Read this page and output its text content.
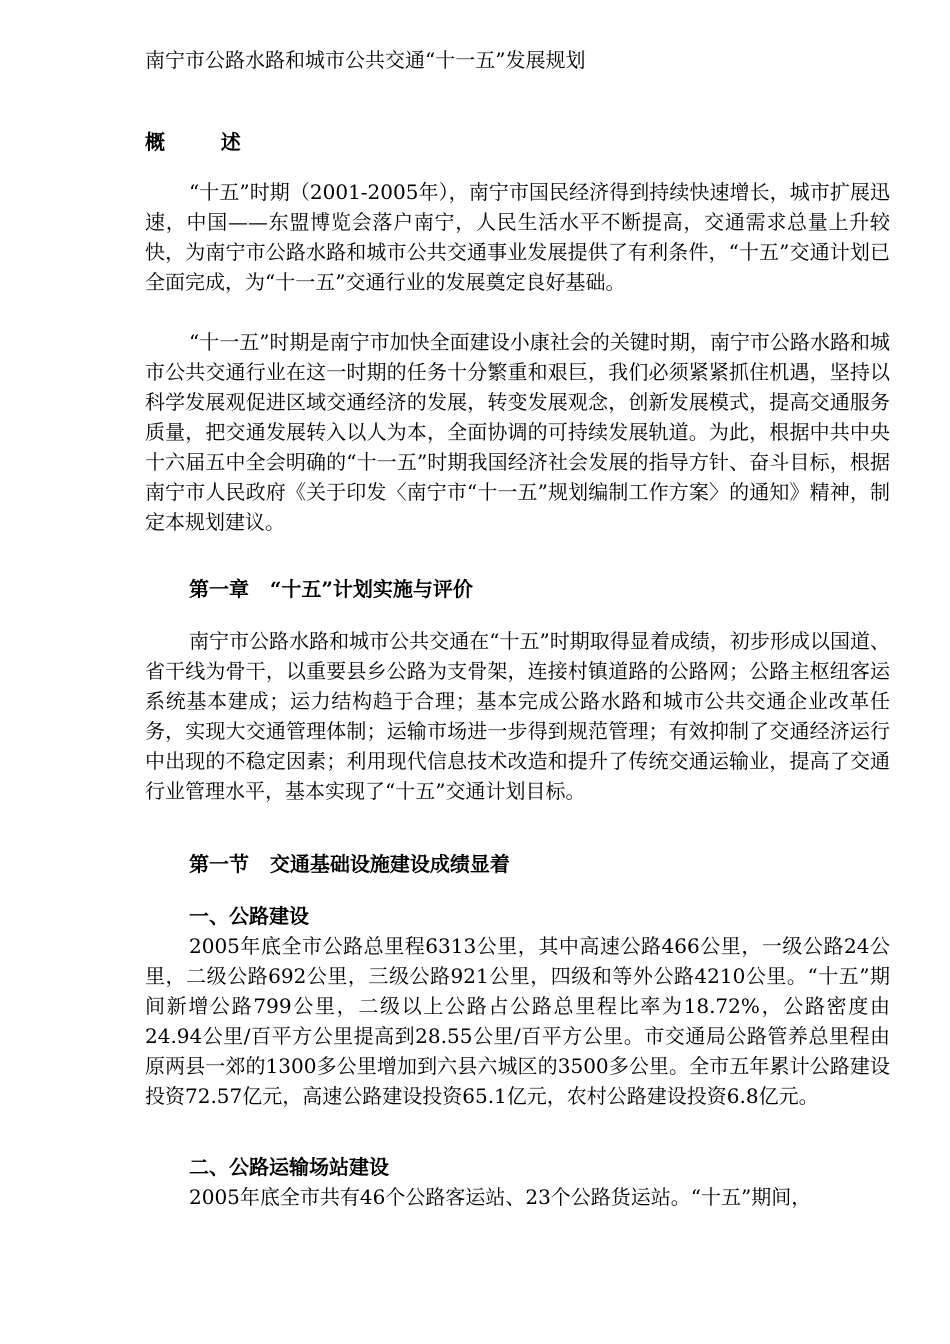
南宁市公路水路和城市公共交通“十一五”发展规划
概        述
“十五”时期（2001-2005年），南宁市国民经济得到持续快速增长，城市扩展迅速，中国——东盟博览会落户南宁，人民生活水平不断提高，交通需求总量上升较快，为南宁市公路水路和城市公共交通事业发展提供了有利条件，“十五”交通计划已全面完成，为“十一五”交通行业的发展奠定良好基础。
“十一五”时期是南宁市加快全面建设小康社会的关键时期，南宁市公路水路和城市公共交通行业在这一时期的任务十分繁重和艰巨，我们必须紧紧抓住机遇，坚持以科学发展观促进区域交通经济的发展，转变发展观念，创新发展模式，提高交通服务质量，把交通发展转入以人为本，全面协调的可持续发展轨道。为此，根据中共中央十六届五中全会明确的“十一五”时期我国经济社会发展的指导方针、奋斗目标，根据南宁市人民政府《关于印发〈南宁市“十一五”规划编制工作方案〉的通知》精神，制定本规划建议。
第一章   “十五”计划实施与评价
南宁市公路水路和城市公共交通在“十五”时期取得显着成绩，初步形成以国道、省干线为骨干，以重要县乡公路为支骨架，连接村镇道路的公路网；公路主枢纽客运系统基本建成；运力结构趋于合理；基本完成公路水路和城市公共交通企业改革任务，实现大交通管理体制；运输市场进一步得到规范管理；有效抑制了交通经济运行中出现的不稳定因素；利用现代信息技术改造和提升了传统交通运输业，提高了交通行业管理水平，基本实现了“十五”交通计划目标。
第一节   交通基础设施建设成绩显着
一、公路建设
2005年底全市公路总里程6313公里，其中高速公路466公里，一级公路24公里，二级公路692公里，三级公路921公里，四级和等外公路4210公里。“十五”期间新增公路799公里，二级以上公路占公路总里程比率为18.72%，公路密度由24.94公里/百平方公里提高到28.55公里/百平方公里。市交通局公路管养总里程由原两县一郊的1300多公里增加到六县六城区的3500多公里。全市五年累计公路建设投资72.57亿元，高速公路建设投资65.1亿元，农村公路建设投资6.8亿元。
二、公路运输场站建设
2005年底全市共有46个公路客运站、23个公路货运站。“十五”期间，
